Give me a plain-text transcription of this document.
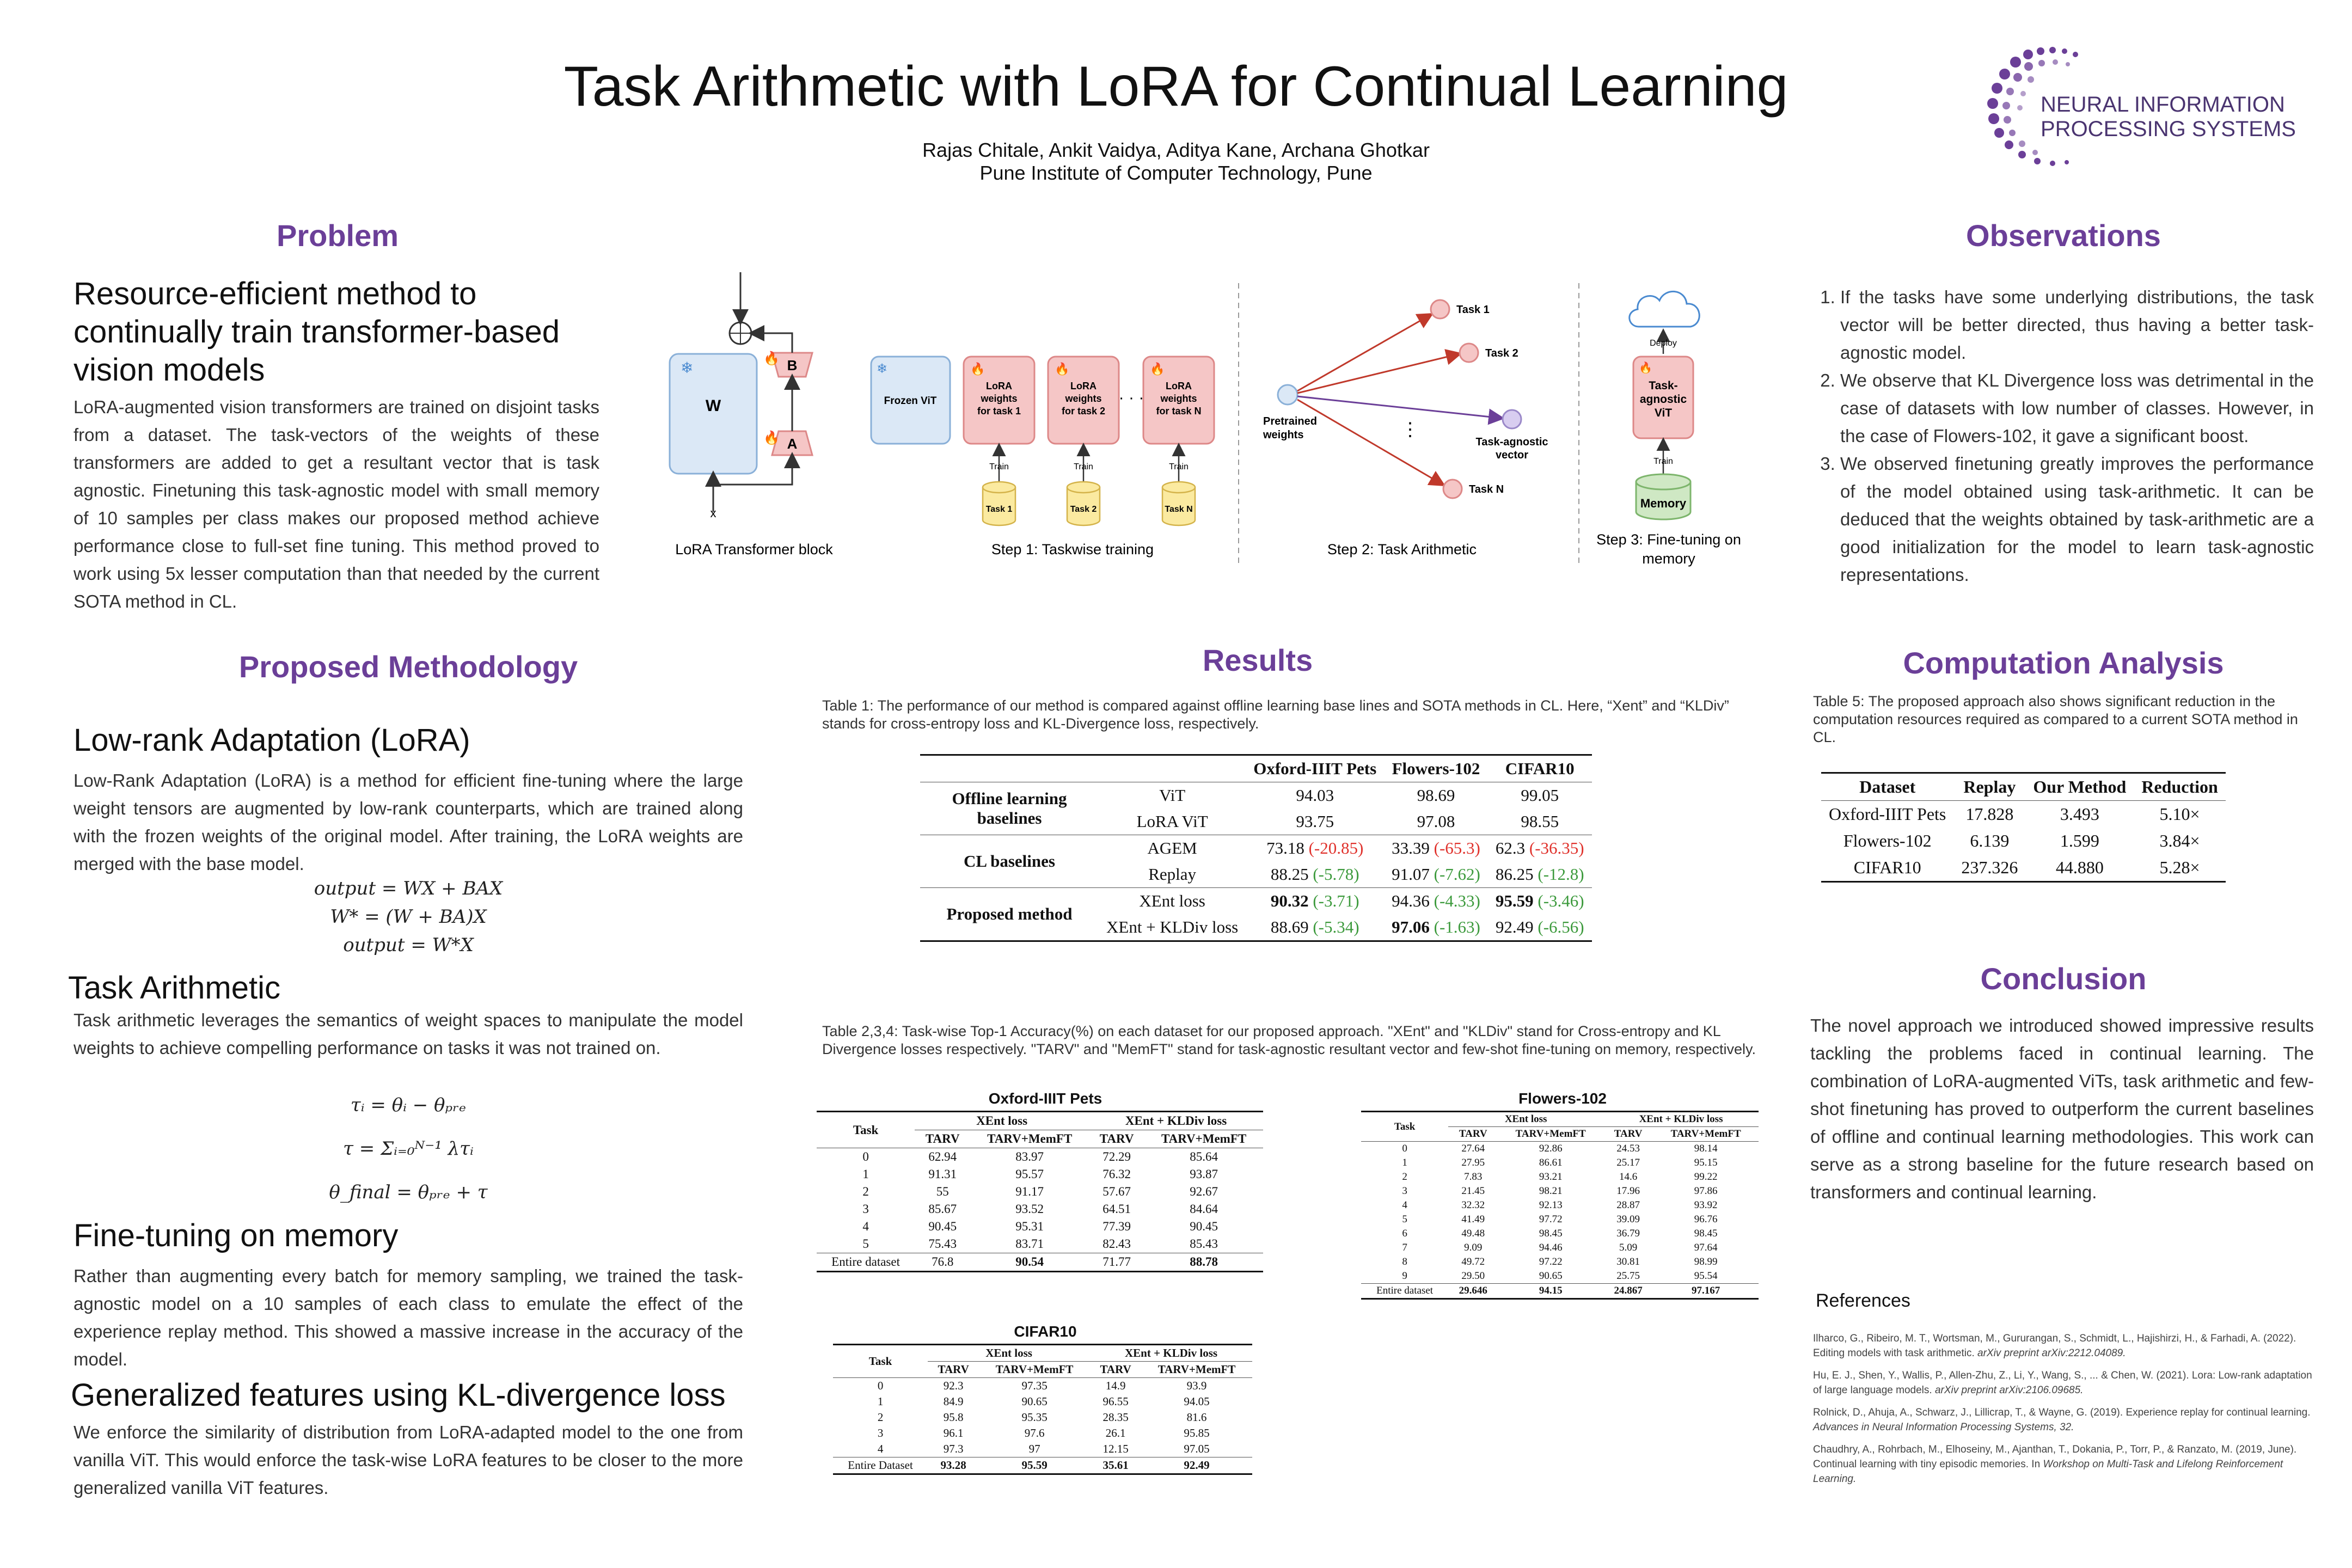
Task Arithmetic with LoRA for Continual Learning
Rajas Chitale, Ankit Vaidya, Aditya Kane, Archana Ghotkar
Pune Institute of Computer Technology, Pune
NEURAL INFORMATION
PROCESSING SYSTEMS
Problem
Resource-efficient method to continually train transformer-based vision models
LoRA-augmented vision transformers are trained on disjoint tasks from a dataset. The task-vectors of the weights of these transformers are added to get a resultant vector that is task agnostic. Finetuning this task-agnostic model with small memory of 10 samples per class makes our proposed method achieve performance close to full-set fine tuning. This method proved to work using 5x lesser computation than that needed by the current SOTA method in CL.
Proposed Methodology
Low-rank Adaptation (LoRA)
Low-Rank Adaptation (LoRA) is a method for efficient fine-tuning where the large weight tensors are augmented by low-rank counterparts, which are trained along with the frozen weights of the original model. After training, the LoRA weights are merged with the base model.
output = WX + BAX
W* = (W + BA)X
output = W*X
Task Arithmetic
Task arithmetic leverages the semantics of weight spaces to manipulate the model weights to achieve compelling performance on tasks it was not trained on.
τᵢ = θᵢ − θₚᵣₑ
τ = Σᵢ₌₀ᴺ⁻¹ λτᵢ
θ_final = θₚᵣₑ + τ
Fine-tuning on memory
Rather than augmenting every batch for memory sampling, we trained the task-agnostic model on a 10 samples of each class to emulate the effect of the experience replay method. This showed a massive increase in the accuracy of the model.
Generalized features using KL-divergence loss
We enforce the similarity of distribution from LoRA-adapted model to the one from vanilla ViT. This would enforce the task-wise LoRA features to be closer to the more generalized vanilla ViT features.
W
❄	B
A
🔥
🔥
x
LoRA Transformer block
❄
Frozen ViT
🔥	🔥	🔥
LoRA
weights
for task 1
LoRA
weights
for task 2
LoRA
weights
for task N
· · ·
Train	Train	Train
Task 1	Task 2	Task N
Step 1: Taskwise training
Pretrained
weights
Task 1
Task 2
Task N
Task-agnostic
vector
⋮
Step 2: Task Arithmetic
Deploy
🔥
Task-
agnostic
ViT
Train
Memory
Step 3: Fine-tuning on
memory
Results
Table 1: The performance of our method is compared against offline learning base lines and SOTA methods in CL. Here, “Xent” and “KLDiv” stands for cross-entropy loss and KL-Divergence loss, respectively.
		Oxford-IIIT Pets	Flowers-102	CIFAR10
Offline learning baselines	ViT	94.03	98.69	99.05
	LoRA ViT	93.75	97.08	98.55
CL baselines	AGEM	73.18 (-20.85)	33.39 (-65.3)	62.3 (-36.35)
	Replay	88.25 (-5.78)	91.07 (-7.62)	86.25 (-12.8)
Proposed method	XEnt loss	90.32 (-3.71)	94.36 (-4.33)	95.59 (-3.46)
	XEnt + KLDiv loss	88.69 (-5.34)	97.06 (-1.63)	92.49 (-6.56)
Table 2,3,4: Task-wise Top-1 Accuracy(%) on each dataset for our proposed approach. "XEnt" and "KLDiv" stand for Cross-entropy and KL Divergence losses respectively. "TARV" and "MemFT" stand for task-agnostic resultant vector and few-shot fine-tuning on memory, respectively.
Oxford-IIIT Pets
Task	XEnt loss		XEnt + KLDiv loss	
	TARV	TARV+MemFT	TARV	TARV+MemFT
0	62.94	83.97	72.29	85.64
1	91.31	95.57	76.32	93.87
2	55	91.17	57.67	92.67
3	85.67	93.52	64.51	84.64
4	90.45	95.31	77.39	90.45
5	75.43	83.71	82.43	85.43
Entire dataset	76.8	90.54	71.77	88.78
CIFAR10
Task	XEnt loss		XEnt + KLDiv loss	
	TARV	TARV+MemFT	TARV	TARV+MemFT
0	92.3	97.35	14.9	93.9
1	84.9	90.65	96.55	94.05
2	95.8	95.35	28.35	81.6
3	96.1	97.6	26.1	95.85
4	97.3	97	12.15	97.05
Entire Dataset	93.28	95.59	35.61	92.49
Flowers-102
Task	XEnt loss		XEnt + KLDiv loss	
	TARV	TARV+MemFT	TARV	TARV+MemFT
0	27.64	92.86	24.53	98.14
1	27.95	86.61	25.17	95.15
2	7.83	93.21	14.6	99.22
3	21.45	98.21	17.96	97.86
4	32.32	92.13	28.87	93.92
5	41.49	97.72	39.09	96.76
6	49.48	98.45	36.79	98.45
7	9.09	94.46	5.09	97.64
8	49.72	97.22	30.81	98.99
9	29.50	90.65	25.75	95.54
Entire dataset	29.646	94.15	24.867	97.167
Observations
1. If the tasks have some underlying distributions, the task vector will be better directed, thus having a better task-agnostic model.
2. We observe that KL Divergence loss was detrimental in the case of datasets with low number of classes. However, in the case of Flowers-102, it gave a significant boost.
3. We observed finetuning greatly improves the performance of the model obtained using task-arithmetic. It can be deduced that the weights obtained by task-arithmetic are a good initialization for the model to learn task-agnostic representations.
Computation Analysis
Table 5: The proposed approach also shows significant reduction in the computation resources required as compared to a current SOTA method in CL.
Dataset	Replay	Our Method	Reduction
Oxford-IIIT Pets	17.828	3.493	5.10×
Flowers-102	6.139	1.599	3.84×
CIFAR10	237.326	44.880	5.28×
Conclusion
The novel approach we introduced showed impressive results tackling the problems faced in continual learning. The combination of LoRA-augmented ViTs, task arithmetic and few-shot finetuning has proved to outperform the current baselines of offline and continual learning methodologies. This work can serve as a strong baseline for the future research based on transformers and continual learning.
References

Ilharco, G., Ribeiro, M. T., Wortsman, M., Gururangan, S., Schmidt, L., Hajishirzi, H., & Farhadi, A. (2022). Editing models with task arithmetic. arXiv preprint arXiv:2212.04089.

Hu, E. J., Shen, Y., Wallis, P., Allen-Zhu, Z., Li, Y., Wang, S., ... & Chen, W. (2021). Lora: Low-rank adaptation of large language models. arXiv preprint arXiv:2106.09685.

Rolnick, D., Ahuja, A., Schwarz, J., Lillicrap, T., & Wayne, G. (2019). Experience replay for continual learning. Advances in Neural Information Processing Systems, 32.

Chaudhry, A., Rohrbach, M., Elhoseiny, M., Ajanthan, T., Dokania, P., Torr, P., & Ranzato, M. (2019, June). Continual learning with tiny episodic memories. In Workshop on Multi-Task and Lifelong Reinforcement Learning.
